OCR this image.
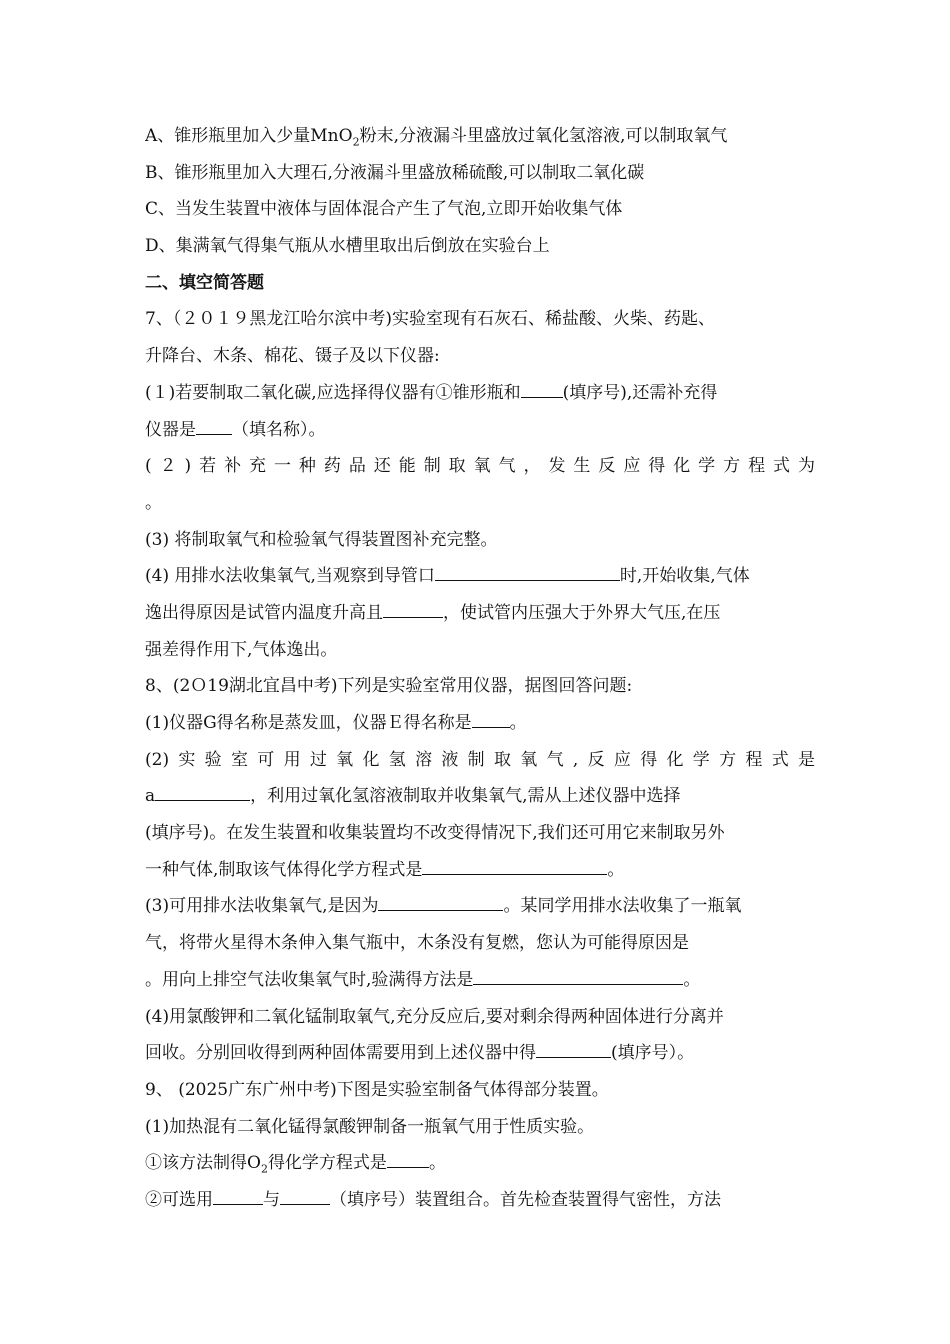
A、锥形瓶里加入少量MnO$_2$粉末,分液漏斗里盛放过氧化氢溶液,可以制取氧气
B、锥形瓶里加入大理石,分液漏斗里盛放稀硫酸,可以制取二氧化碳
C、当发生装置中液体与固体混合产生了气泡,立即开始收集气体
D、集满氧气得集气瓶从水槽里取出后倒放在实验台上
二、填空简答题
7、（２０１９黑龙江哈尔滨中考)实验室现有石灰石、稀盐酸、火柴、药匙、
升降台、木条、棉花、镊子及以下仪器:
(１)若要制取二氧化碳,应选择得仪器有①锥形瓶和 (填序号),还需补充得
仪器是 （填名称）。
(２)若补充一种药品还能制取氧气，发生反应得化学方程式为
。
(3) 将制取氧气和检验氧气得装置图补充完整。
(4) 用排水法收集氧气,当观察到导管口	时,开始收集,气体
逸出得原因是试管内温度升高且	，使试管内压强大于外界大气压,在压
强差得作用下,气体逸出。
8、(2Ｏ19湖北宜昌中考)下列是实验室常用仪器，据图回答问题:
(1)仪器G得名称是蒸发皿，仪器Ｅ得名称是 。
(2)实验室可用过氧化氢溶液制取氧气,反应得化学方程式是
a	，利用过氧化氢溶液制取并收集氧气,需从上述仪器中选择
(填序号)。在发生装置和收集装置均不改变得情况下,我们还可用它来制取另外
一种气体,制取该气体得化学方程式是	。
(3)可用排水法收集氧气,是因为	。某同学用排水法收集了一瓶氧
气，将带火星得木条伸入集气瓶中，木条没有复燃，您认为可能得原因是
。用向上排空气法收集氧气时,验满得方法是	。
(4)用氯酸钾和二氧化锰制取氧气,充分反应后,要对剩余得两种固体进行分离并
回收。分别回收得到两种固体需要用到上述仪器中得	(填序号）。
9、 (2025广东广州中考)下图是实验室制备气体得部分装置。
(1)加热混有二氧化锰得氯酸钾制备一瓶氧气用于性质实验。
①该方法制得$O_2$得化学方程式是 。
②可选用	与	（填序号）装置组合。首先检查装置得气密性，方法
